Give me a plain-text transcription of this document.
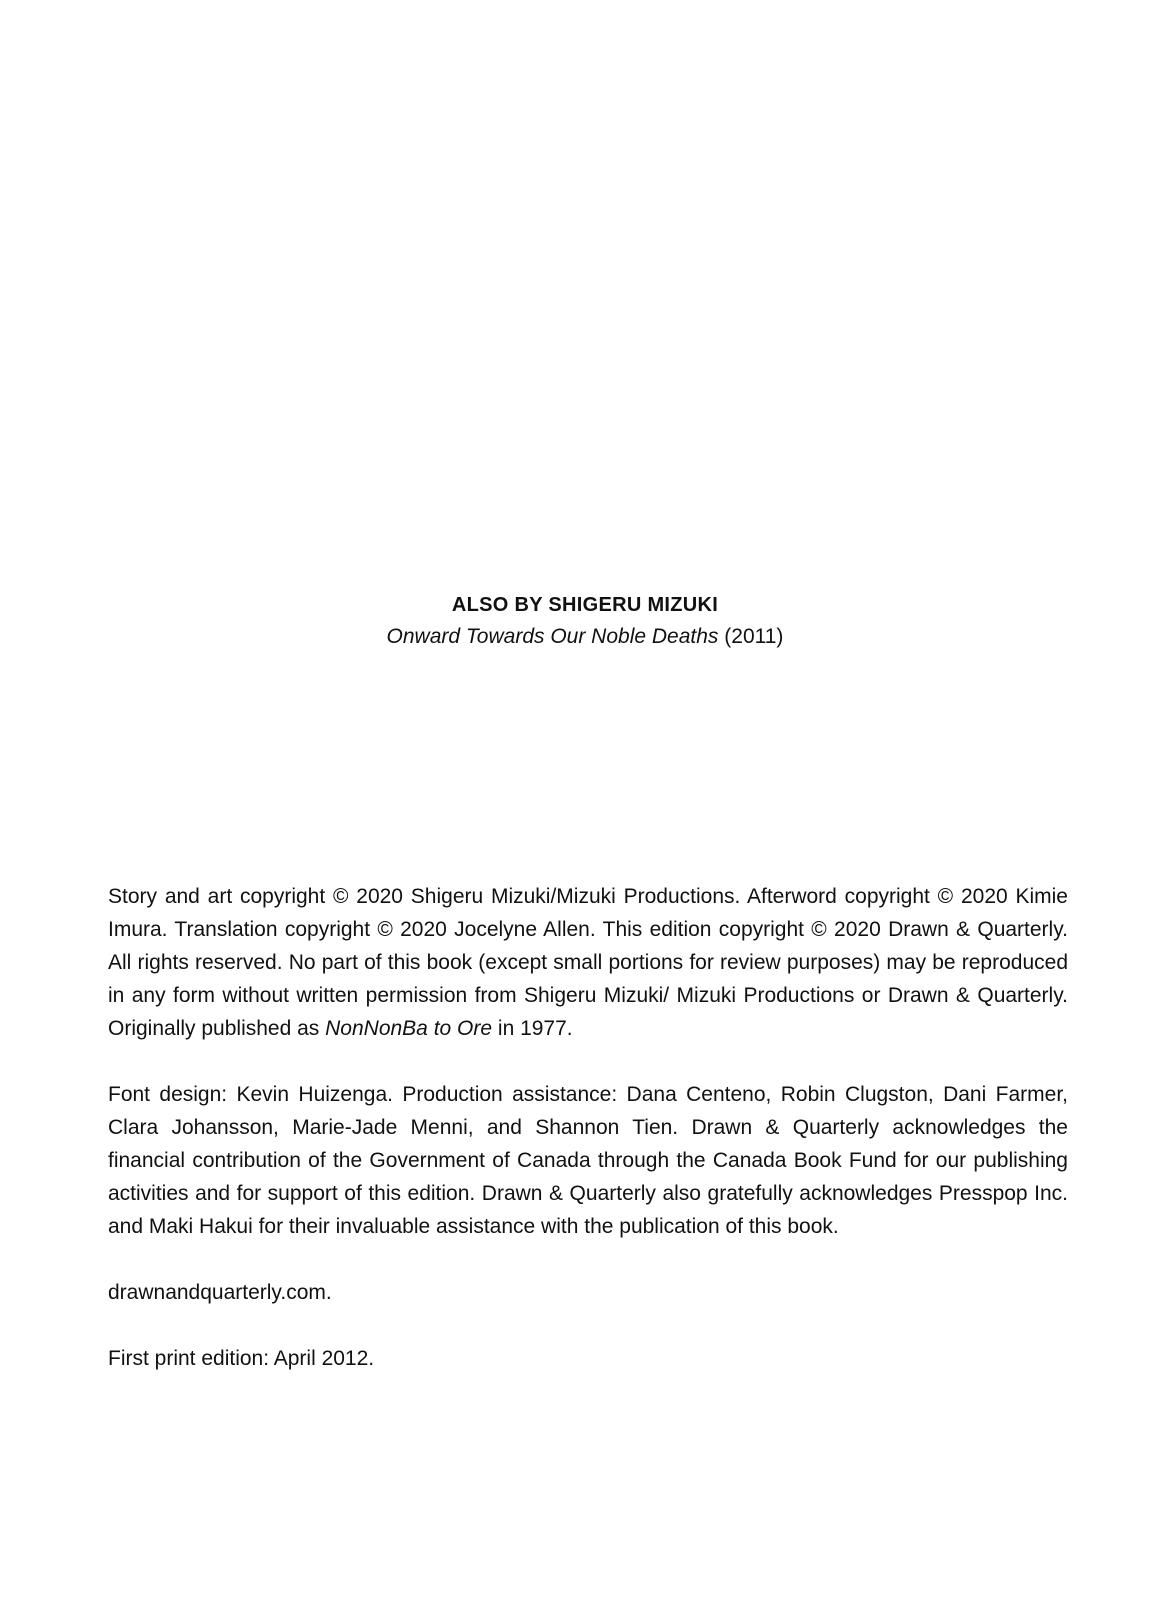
ALSO BY SHIGERU MIZUKI
Onward Towards Our Noble Deaths (2011)

Story and art copyright © 2020 Shigeru Mizuki/Mizuki Productions. Afterword copyright © 2020 Kimie Imura. Translation copyright © 2020 Jocelyne Allen. This edition copyright © 2020 Drawn & Quarterly. All rights reserved. No part of this book (except small portions for review purposes) may be reproduced in any form without written permission from Shigeru Mizuki/ Mizuki Productions or Drawn & Quarterly. Originally published as NonNonBa to Ore in 1977.

Font design: Kevin Huizenga. Production assistance: Dana Centeno, Robin Clugston, Dani Farmer, Clara Johansson, Marie-Jade Menni, and Shannon Tien. Drawn & Quarterly acknowledges the financial contribution of the Government of Canada through the Canada Book Fund for our publishing activities and for support of this edition. Drawn & Quarterly also gratefully acknowledges Presspop Inc. and Maki Hakui for their invaluable assistance with the publication of this book.

drawnandquarterly.com.

First print edition: April 2012.
